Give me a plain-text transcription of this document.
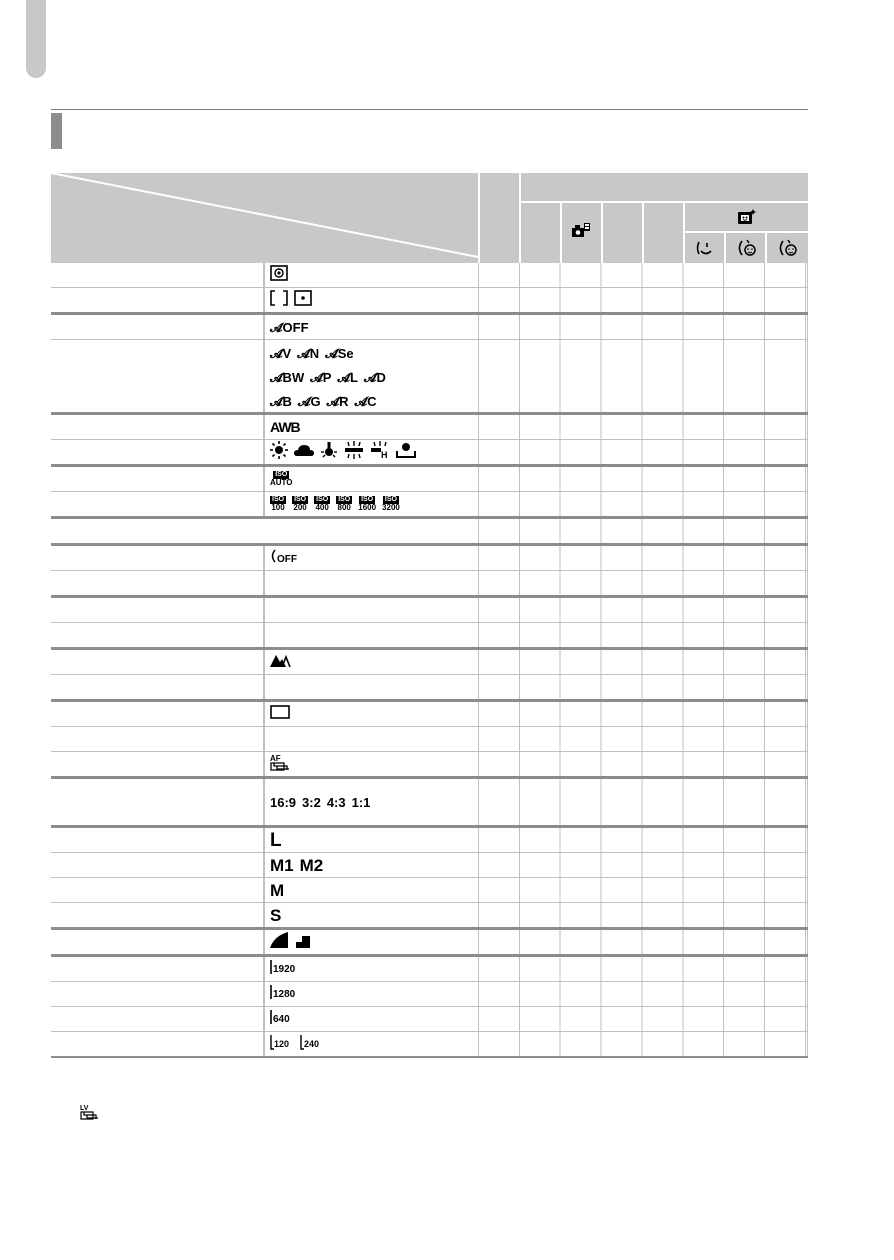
𝓐OFF
𝓐V 𝓐N 𝓐Se
𝓐BW 𝓐P 𝓐L 𝓐D
𝓐B 𝓐G 𝓐R 𝓐C
AWB
H
ISO
AUTO
ISO
100
ISO
200
ISO
400
ISO
800
ISO
1600
ISO
3200
OFF
AF
16:9 3:2 4:3 1:1
L
M1 M2
M
S
1920
1280
640
120 240
LV
